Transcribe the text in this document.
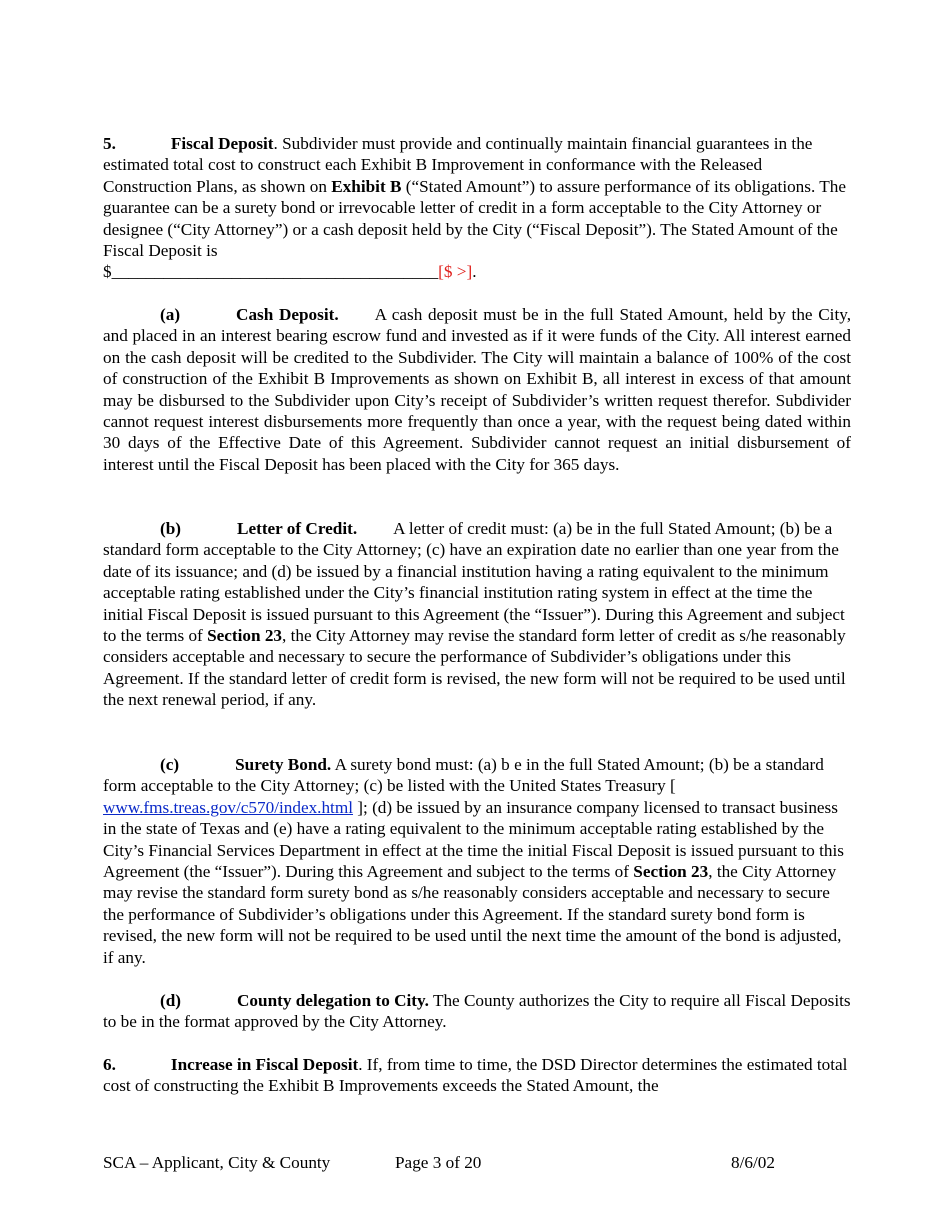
5.	Fiscal Deposit. Subdivider must provide and continually maintain financial guarantees in the estimated total cost to construct each Exhibit B Improvement in conformance with the Released Construction Plans, as shown on Exhibit B (“Stated Amount”) to assure performance of its obligations. The guarantee can be a surety bond or irrevocable letter of credit in a form acceptable to the City Attorney or designee (“City Attorney”) or a cash deposit held by the City (“Fiscal Deposit”). The Stated Amount of the Fiscal Deposit is
$______________________________________[$ >].

(a)	Cash Deposit. A cash deposit must be in the full Stated Amount, held by the City, and placed in an interest bearing escrow fund and invested as if it were funds of the City. All interest earned on the cash deposit will be credited to the Subdivider. The City will maintain a balance of 100% of the cost of construction of the Exhibit B Improvements as shown on Exhibit B, all interest in excess of that amount may be disbursed to the Subdivider upon City’s receipt of Subdivider’s written request therefor. Subdivider cannot request interest disbursements more frequently than once a year, with the request being dated within 30 days of the Effective Date of this Agreement. Subdivider cannot request an initial disbursement of interest until the Fiscal Deposit has been placed with the City for 365 days.

(b)	Letter of Credit. A letter of credit must: (a) be in the full Stated Amount; (b) be a standard form acceptable to the City Attorney; (c) have an expiration date no earlier than one year from the date of its issuance; and (d) be issued by a financial institution having a rating equivalent to the minimum acceptable rating established under the City’s financial institution rating system in effect at the time the initial Fiscal Deposit is issued pursuant to this Agreement (the “Issuer”). During this Agreement and subject to the terms of Section 23, the City Attorney may revise the standard form letter of credit as s/he reasonably considers acceptable and necessary to secure the performance of Subdivider’s obligations under this Agreement. If the standard letter of credit form is revised, the new form will not be required to be used until the next renewal period, if any.

(c)	Surety Bond. A surety bond must: (a) b e in the full Stated Amount; (b) be a standard form acceptable to the City Attorney; (c) be listed with the United States Treasury [ www.fms.treas.gov/c570/index.html ]; (d) be issued by an insurance company licensed to transact business in the state of Texas and (e) have a rating equivalent to the minimum acceptable rating established by the City’s Financial Services Department in effect at the time the initial Fiscal Deposit is issued pursuant to this Agreement (the “Issuer”). During this Agreement and subject to the terms of Section 23, the City Attorney may revise the standard form surety bond as s/he reasonably considers acceptable and necessary to secure the performance of Subdivider’s obligations under this Agreement. If the standard surety bond form is revised, the new form will not be required to be used until the next time the amount of the bond is adjusted, if any.

(d)	County delegation to City. The County authorizes the City to require all Fiscal Deposits to be in the format approved by the City Attorney.

6.	Increase in Fiscal Deposit. If, from time to time, the DSD Director determines the estimated total cost of constructing the Exhibit B Improvements exceeds the Stated Amount, the

SCA – Applicant, City & County	Page 3 of 20	8/6/02
